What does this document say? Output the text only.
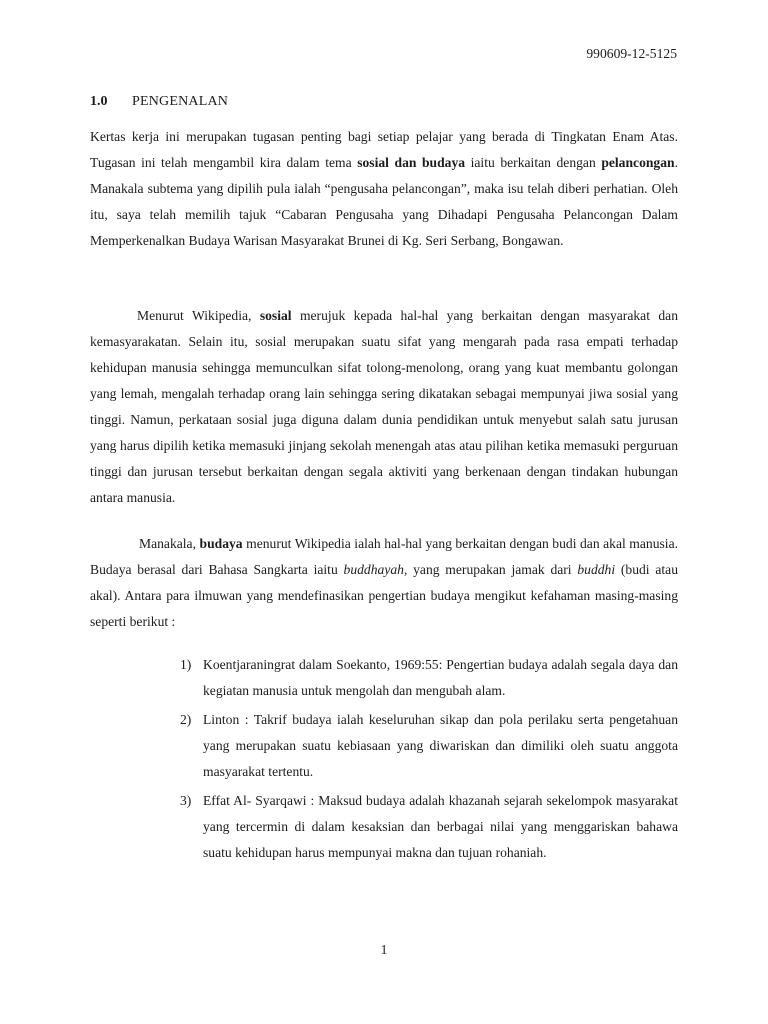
990609-12-5125

1.0 PENGENALAN

Kertas kerja ini merupakan tugasan penting bagi setiap pelajar yang berada di Tingkatan Enam Atas. Tugasan ini telah mengambil kira dalam tema sosial dan budaya iaitu berkaitan dengan pelancongan. Manakala subtema yang dipilih pula ialah “pengusaha pelancongan”, maka isu telah diberi perhatian. Oleh itu, saya telah memilih tajuk “Cabaran Pengusaha yang Dihadapi Pengusaha Pelancongan Dalam Memperkenalkan Budaya Warisan Masyarakat Brunei di Kg. Seri Serbang, Bongawan.

Menurut Wikipedia, sosial merujuk kepada hal-hal yang berkaitan dengan masyarakat dan kemasyarakatan. Selain itu, sosial merupakan suatu sifat yang mengarah pada rasa empati terhadap kehidupan manusia sehingga memunculkan sifat tolong-menolong, orang yang kuat membantu golongan yang lemah, mengalah terhadap orang lain sehingga sering dikatakan sebagai mempunyai jiwa sosial yang tinggi. Namun, perkataan sosial juga diguna dalam dunia pendidikan untuk menyebut salah satu jurusan yang harus dipilih ketika memasuki jinjang sekolah menengah atas atau pilihan ketika memasuki perguruan tinggi dan jurusan tersebut berkaitan dengan segala aktiviti yang berkenaan dengan tindakan hubungan antara manusia.

Manakala, budaya menurut Wikipedia ialah hal-hal yang berkaitan dengan budi dan akal manusia. Budaya berasal dari Bahasa Sangkarta iaitu buddhayah, yang merupakan jamak dari buddhi (budi atau akal). Antara para ilmuwan yang mendefinasikan pengertian budaya mengikut kefahaman masing-masing seperti berikut :

1) Koentjaraningrat dalam Soekanto, 1969:55: Pengertian budaya adalah segala daya dan kegiatan manusia untuk mengolah dan mengubah alam.
2) Linton : Takrif budaya ialah keseluruhan sikap dan pola perilaku serta pengetahuan yang merupakan suatu kebiasaan yang diwariskan dan dimiliki oleh suatu anggota masyarakat tertentu.
3) Effat Al- Syarqawi : Maksud budaya adalah khazanah sejarah sekelompok masyarakat yang tercermin di dalam kesaksian dan berbagai nilai yang menggariskan bahawa suatu kehidupan harus mempunyai makna dan tujuan rohaniah.

1
